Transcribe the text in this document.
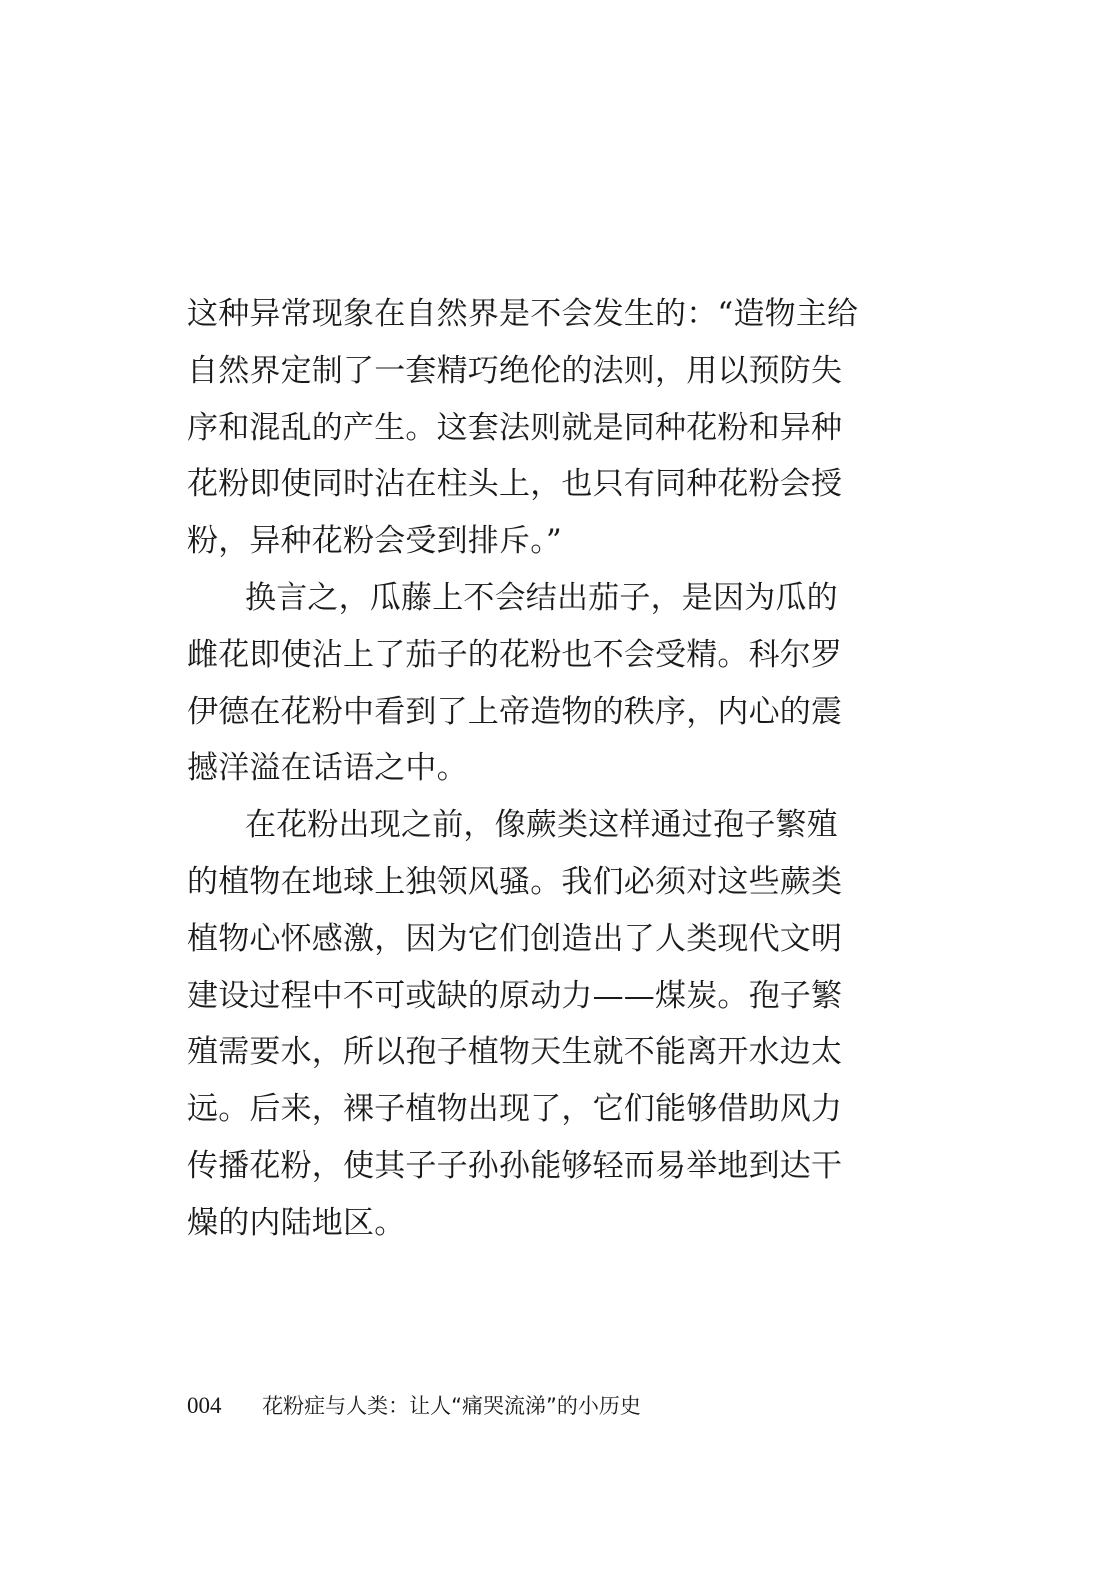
这种异常现象在自然界是不会发生的：“造物主给
自然界定制了一套精巧绝伦的法则，用以预防失
序和混乱的产生。这套法则就是同种花粉和异种
花粉即使同时沾在柱头上，也只有同种花粉会授
粉，异种花粉会受到排斥。”
换言之，瓜藤上不会结出茄子，是因为瓜的
雌花即使沾上了茄子的花粉也不会受精。科尔罗
伊德在花粉中看到了上帝造物的秩序，内心的震
撼洋溢在话语之中。
在花粉出现之前，像蕨类这样通过孢子繁殖
的植物在地球上独领风骚。我们必须对这些蕨类
植物心怀感激，因为它们创造出了人类现代文明
建设过程中不可或缺的原动力——煤炭。孢子繁
殖需要水，所以孢子植物天生就不能离开水边太
远。后来，裸子植物出现了，它们能够借助风力
传播花粉，使其子子孙孙能够轻而易举地到达干
燥的内陆地区。
004 花粉症与人类：让人“痛哭流涕”的小历史
